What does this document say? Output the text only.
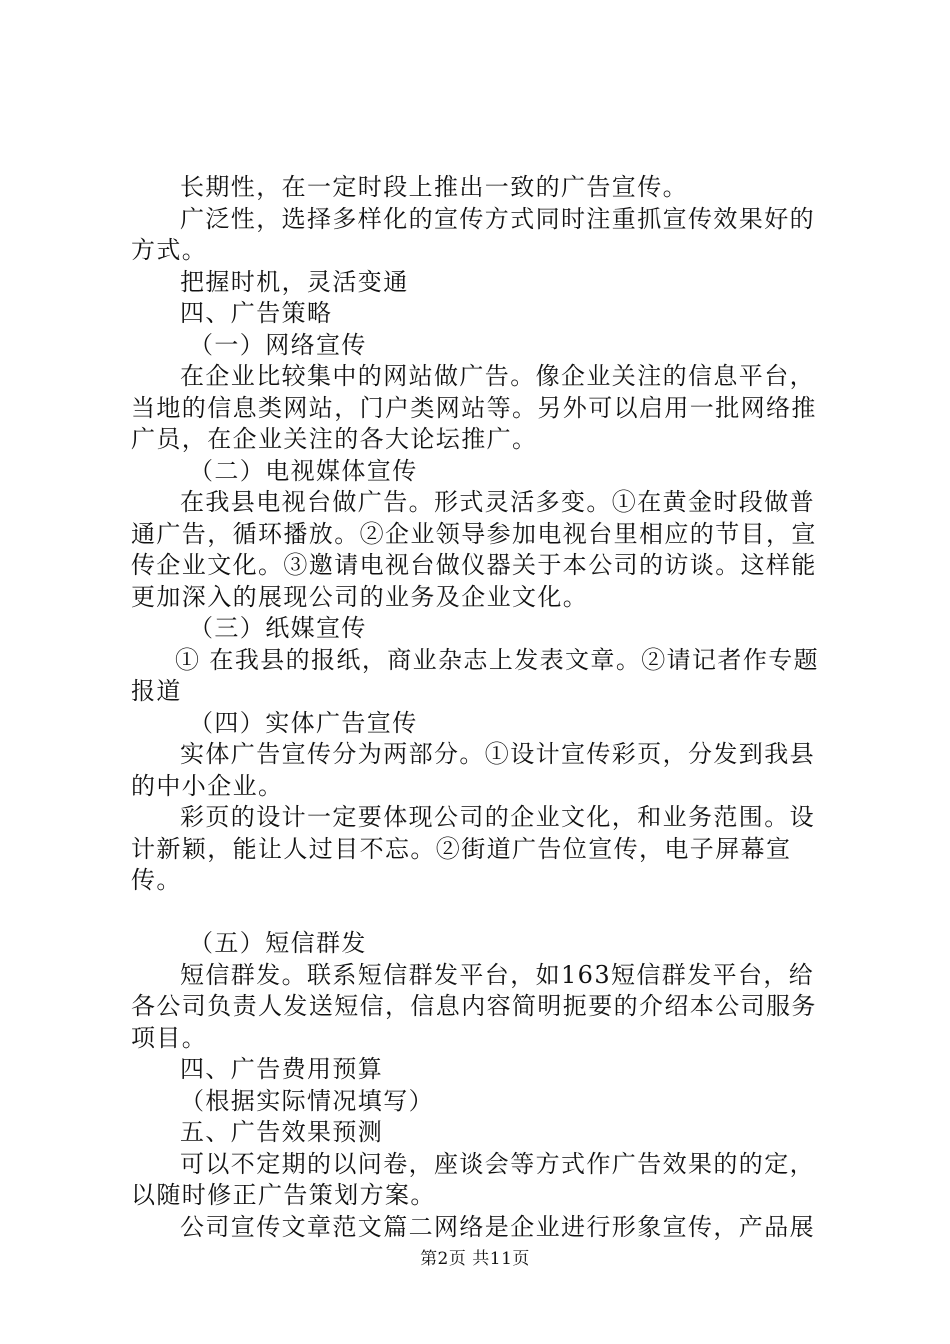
长期性，在一定时段上推出一致的广告宣传。

广泛性，选择多样化的宣传方式同时注重抓宣传效果好的方式。

把握时机，灵活变通

四、广告策略

（一）网络宣传

在企业比较集中的网站做广告。像企业关注的信息平台，当地的信息类网站，门户类网站等。另外可以启用一批网络推广员，在企业关注的各大论坛推广。

（二）电视媒体宣传

在我县电视台做广告。形式灵活多变。①在黄金时段做普通广告，循环播放。②企业领导参加电视台里相应的节目，宣传企业文化。③邀请电视台做仪器关于本公司的访谈。这样能更加深入的展现公司的业务及企业文化。

（三）纸媒宣传

① 在我县的报纸，商业杂志上发表文章。②请记者作专题报道

（四）实体广告宣传

实体广告宣传分为两部分。①设计宣传彩页，分发到我县的中小企业。

彩页的设计一定要体现公司的企业文化，和业务范围。设计新颖，能让人过目不忘。②街道广告位宣传，电子屏幕宣传。

（五）短信群发

短信群发。联系短信群发平台，如163短信群发平台，给各公司负责人发送短信，信息内容简明扼要的介绍本公司服务项目。

四、广告费用预算

（根据实际情况填写）

五、广告效果预测

可以不定期的以问卷，座谈会等方式作广告效果的的定，以随时修正广告策划方案。

公司宣传文章范文篇二网络是企业进行形象宣传，产品展

第2页 共11页
